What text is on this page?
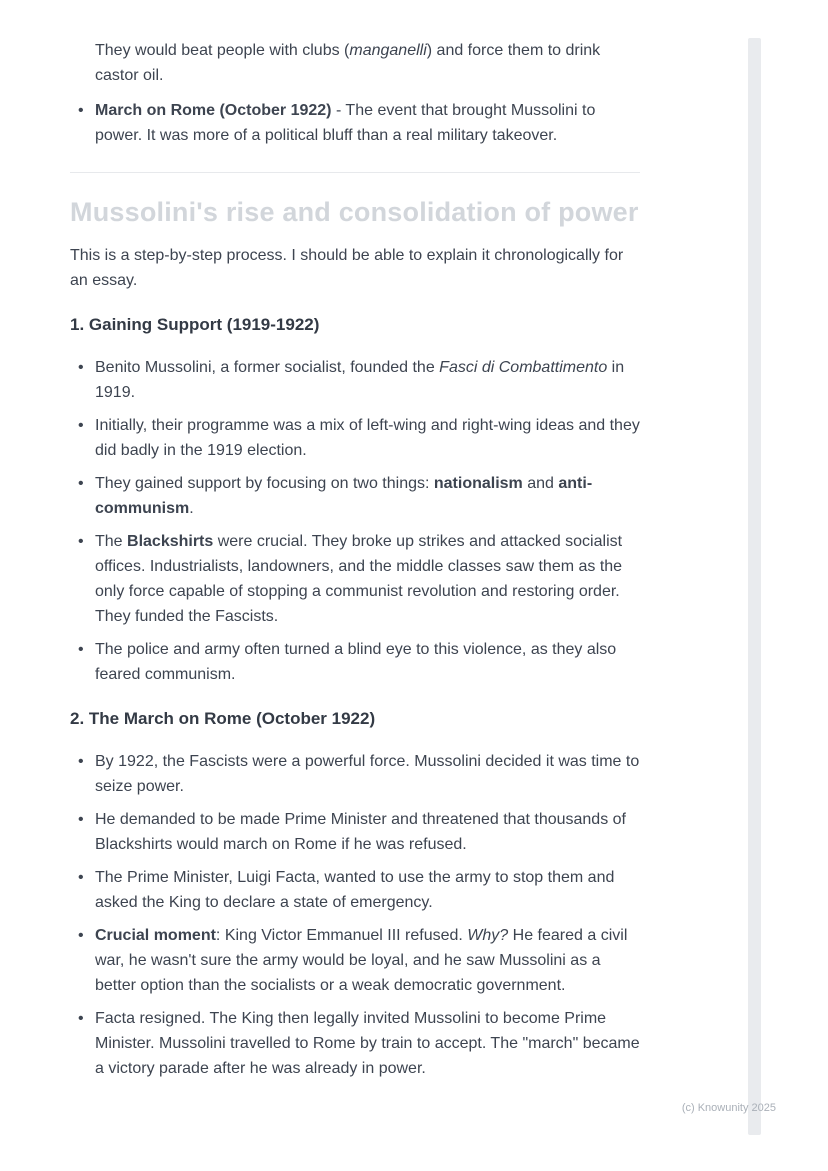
They would beat people with clubs (manganelli) and force them to drink castor oil.

• March on Rome (October 1922) - The event that brought Mussolini to power. It was more of a political bluff than a real military takeover.
Mussolini's rise and consolidation of power

This is a step-by-step process. I should be able to explain it chronologically for an essay.

1. Gaining Support (1919-1922)
• Benito Mussolini, a former socialist, founded the Fasci di Combattimento in 1919.
• Initially, their programme was a mix of left-wing and right-wing ideas and they did badly in the 1919 election.
• They gained support by focusing on two things: nationalism and anti-communism.
• The Blackshirts were crucial. They broke up strikes and attacked socialist offices. Industrialists, landowners, and the middle classes saw them as the only force capable of stopping a communist revolution and restoring order. They funded the Fascists.
• The police and army often turned a blind eye to this violence, as they also feared communism.
2. The March on Rome (October 1922)
• By 1922, the Fascists were a powerful force. Mussolini decided it was time to seize power.
• He demanded to be made Prime Minister and threatened that thousands of Blackshirts would march on Rome if he was refused.
• The Prime Minister, Luigi Facta, wanted to use the army to stop them and asked the King to declare a state of emergency.
• Crucial moment: King Victor Emmanuel III refused. Why? He feared a civil war, he wasn't sure the army would be loyal, and he saw Mussolini as a better option than the socialists or a weak democratic government.
• Facta resigned. The King then legally invited Mussolini to become Prime Minister. Mussolini travelled to Rome by train to accept. The "march" became a victory parade after he was already in power.
(c) Knowunity 2025
